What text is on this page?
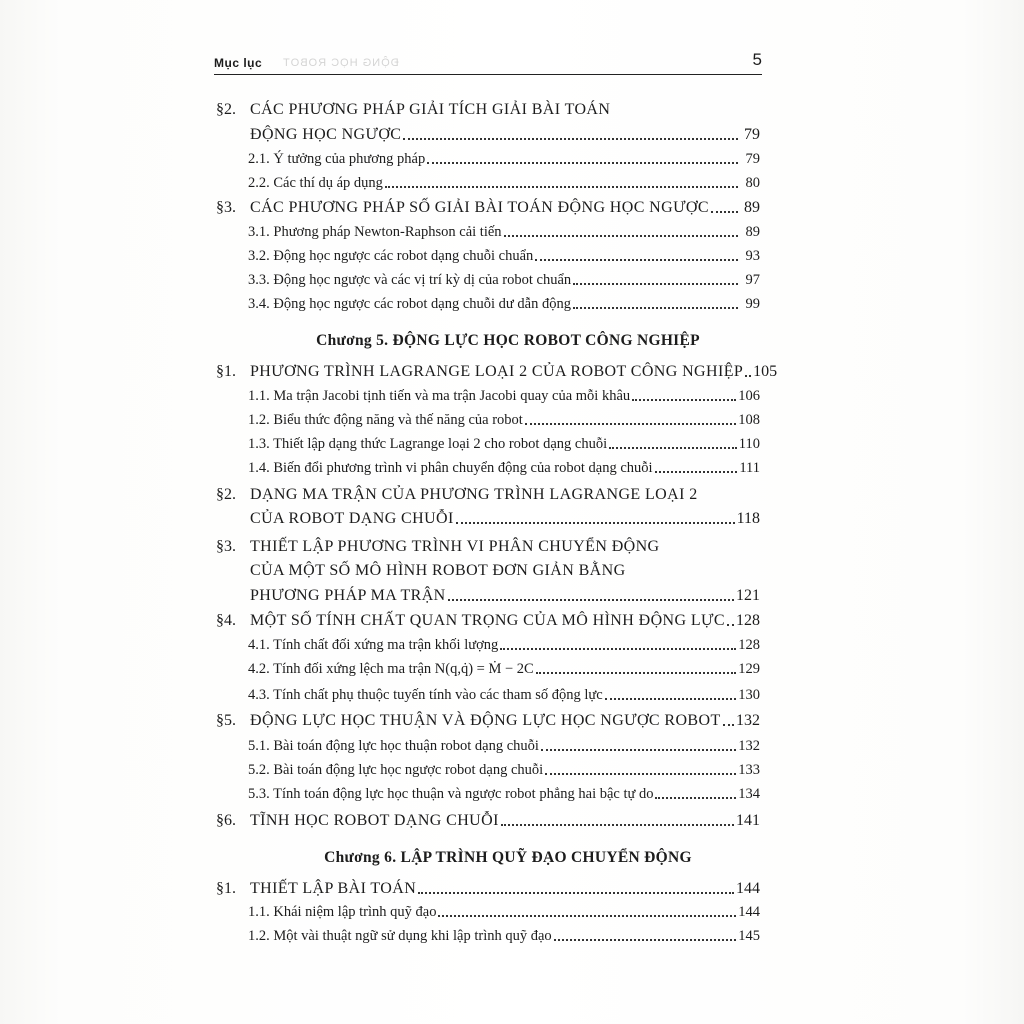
Mục lục ĐỘNG HỌC ROBOT	5
§2. CÁC PHƯƠNG PHÁP GIẢI TÍCH GIẢI BÀI TOÁN
ĐỘNG HỌC NGƯỢC	79
2.1. Ý tưởng của phương pháp	79
2.2. Các thí dụ áp dụng	80
§3. CÁC PHƯƠNG PHÁP SỐ GIẢI BÀI TOÁN ĐỘNG HỌC NGƯỢC 89
3.1. Phương pháp Newton-Raphson cải tiến	89
3.2. Động học ngược các robot dạng chuỗi chuẩn	93
3.3. Động học ngược và các vị trí kỳ dị của robot chuẩn	97
3.4. Động học ngược các robot dạng chuỗi dư dẫn động	99
Chương 5. ĐỘNG LỰC HỌC ROBOT CÔNG NGHIỆP
§1. PHƯƠNG TRÌNH LAGRANGE LOẠI 2 CỦA ROBOT CÔNG NGHIỆP 105
1.1. Ma trận Jacobi tịnh tiến và ma trận Jacobi quay của mỗi khâu	106
1.2. Biểu thức động năng và thế năng của robot	108
1.3. Thiết lập dạng thức Lagrange loại 2 cho robot dạng chuỗi	110
1.4. Biến đổi phương trình vi phân chuyển động của robot dạng chuỗi	111
§2. DẠNG MA TRẬN CỦA PHƯƠNG TRÌNH LAGRANGE LOẠI 2
CỦA ROBOT DẠNG CHUỖI	118
§3. THIẾT LẬP PHƯƠNG TRÌNH VI PHÂN CHUYỂN ĐỘNG
CỦA MỘT SỐ MÔ HÌNH ROBOT ĐƠN GIẢN BẰNG
PHƯƠNG PHÁP MA TRẬN	121
§4. MỘT SỐ TÍNH CHẤT QUAN TRỌNG CỦA MÔ HÌNH ĐỘNG LỰC 128
4.1. Tính chất đối xứng ma trận khối lượng	128
4.2. Tính đối xứng lệch ma trận N(q,q̇) = Ṁ − 2C	129
4.3. Tính chất phụ thuộc tuyến tính vào các tham số động lực	130
§5. ĐỘNG LỰC HỌC THUẬN VÀ ĐỘNG LỰC HỌC NGƯỢC ROBOT 132
5.1. Bài toán động lực học thuận robot dạng chuỗi	132
5.2. Bài toán động lực học ngược robot dạng chuỗi	133
5.3. Tính toán động lực học thuận và ngược robot phẳng hai bậc tự do	134
§6. TĨNH HỌC ROBOT DẠNG CHUỖI	141
Chương 6. LẬP TRÌNH QUỸ ĐẠO CHUYỂN ĐỘNG
§1. THIẾT LẬP BÀI TOÁN	144
1.1. Khái niệm lập trình quỹ đạo	144
1.2. Một vài thuật ngữ sử dụng khi lập trình quỹ đạo	145
